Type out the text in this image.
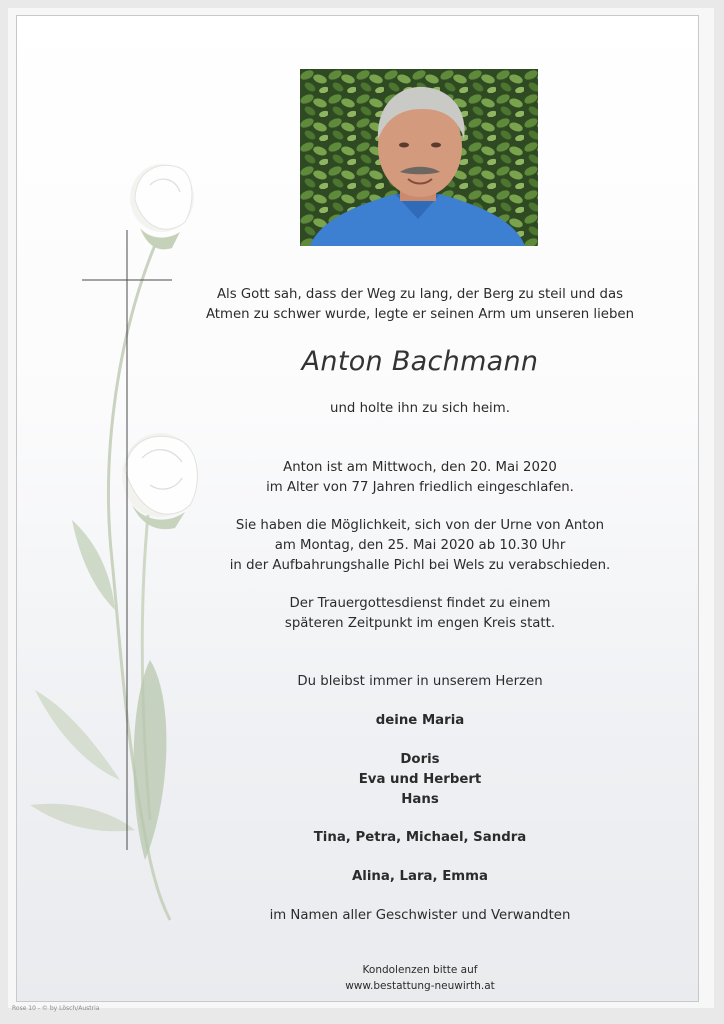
Als Gott sah, dass der Weg zu lang, der Berg zu steil und das
Atmen zu schwer wurde, legte er seinen Arm um unseren lieben
Anton Bachmann
und holte ihn zu sich heim.
Anton ist am Mittwoch, den 20. Mai 2020
im Alter von 77 Jahren friedlich eingeschlafen.
Sie haben die Möglichkeit, sich von der Urne von Anton
am Montag, den 25. Mai 2020 ab 10.30 Uhr
in der Aufbahrungshalle Pichl bei Wels zu verabschieden.
Der Trauergottesdienst findet zu einem
späteren Zeitpunkt im engen Kreis statt.
Du bleibst immer in unserem Herzen
deine Maria
Doris
Eva und Herbert
Hans
Tina, Petra, Michael, Sandra
Alina, Lara, Emma
im Namen aller Geschwister und Verwandten
Kondolenzen bitte auf
www.bestattung-neuwirth.at
Rose 10 - © by Lösch/Austria
